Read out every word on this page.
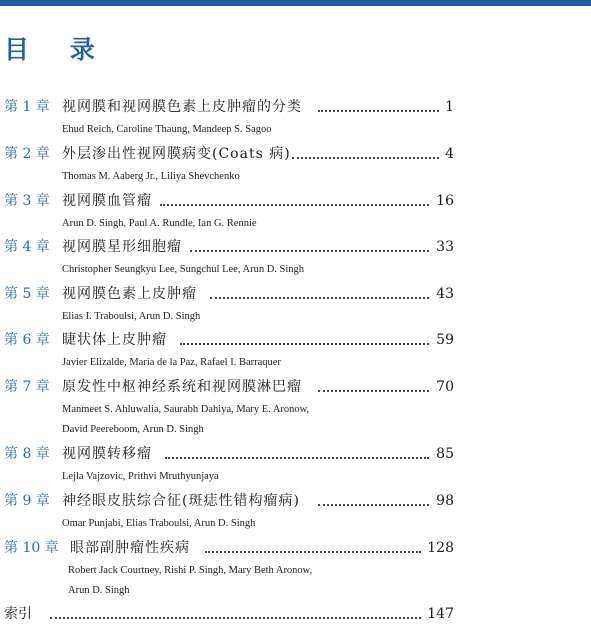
目 录
第 1 章 视网膜和视网膜色素上皮肿瘤的分类	1
Ehud Reich, Caroline Thaung, Mandeep S. Sagoo
第 2 章 外层渗出性视网膜病变(Coats 病)	4
Thomas M. Aaberg Jr., Liliya Shevchenko
第 3 章 视网膜血管瘤	16
Arun D. Singh, Paul A. Rundle, Ian G. Rennie
第 4 章 视网膜星形细胞瘤	33
Christopher Seungkyu Lee, Sungchul Lee, Arun D. Singh
第 5 章 视网膜色素上皮肿瘤	43
Elias I. Traboulsi, Arun D. Singh
第 6 章 睫状体上皮肿瘤	59
Javier Elizalde, María de la Paz, Rafael I. Barraquer
第 7 章 原发性中枢神经系统和视网膜淋巴瘤	70
Manmeet S. Ahluwalia, Saurabh Dahiya, Mary E. Aronow,
David Peereboom, Arun D. Singh
第 8 章 视网膜转移瘤	85
Lejla Vajzovic, Prithvi Mruthyunjaya
第 9 章 神经眼皮肤综合征(斑痣性错构瘤病)	98
Omar Punjabi, Elias Traboulsi, Arun D. Singh
第 10 章 眼部副肿瘤性疾病	128
Robert Jack Courtney, Rishi P. Singh, Mary Beth Aronow,
Arun D. Singh
索引	147
